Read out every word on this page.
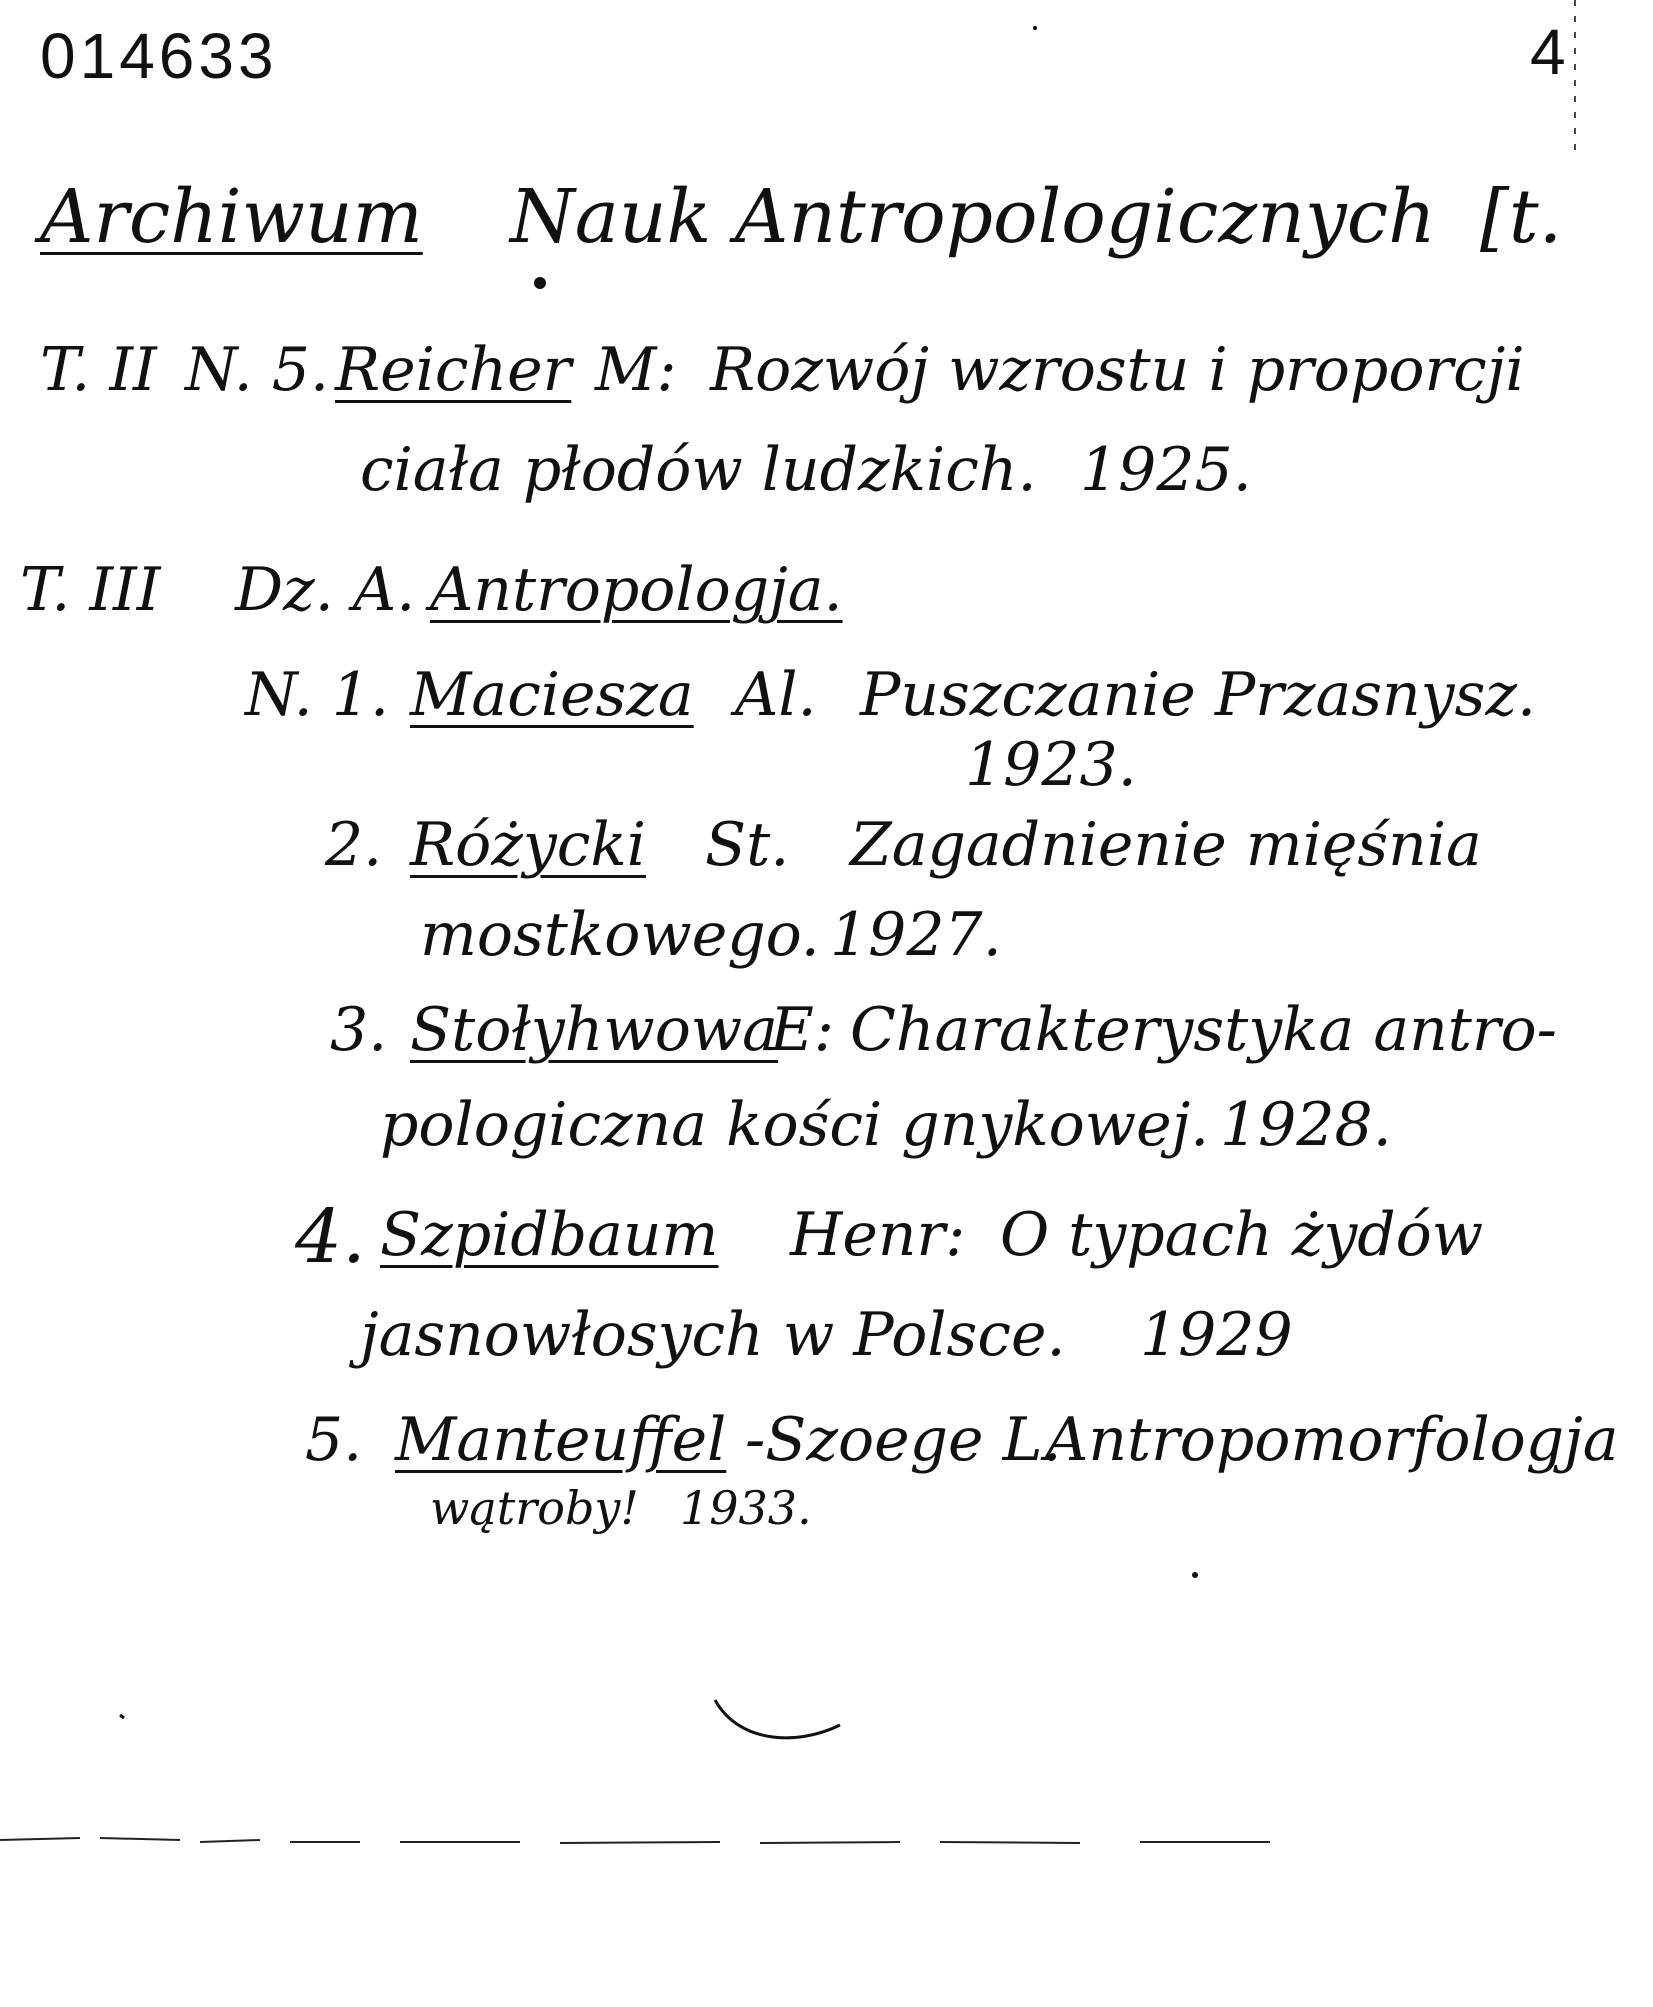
014633	4
Archiwum Nauk Antropologicznych [t.
T. II N. 5. Reicher M: Rozwój wzrostu i proporcji
ciała płodów ludzkich. 1925.
T. III Dz. A. Antropologja.
N. 1. Maciesza Al. Puszczanie Przasnysz.
1923.
2. Różycki St. Zagadnienie mięśnia
mostkowego. 1927.
3. Stołyhwowa
E: Charakterystyka antro-
pologiczna kości gnykowej. 1928.
4. Szpidbaum Henr: O typach żydów
jasnowłosych w Polsce. 1929
5. Manteuffel -Szoege L.
Antropomorfologja
wątroby! 1933.
